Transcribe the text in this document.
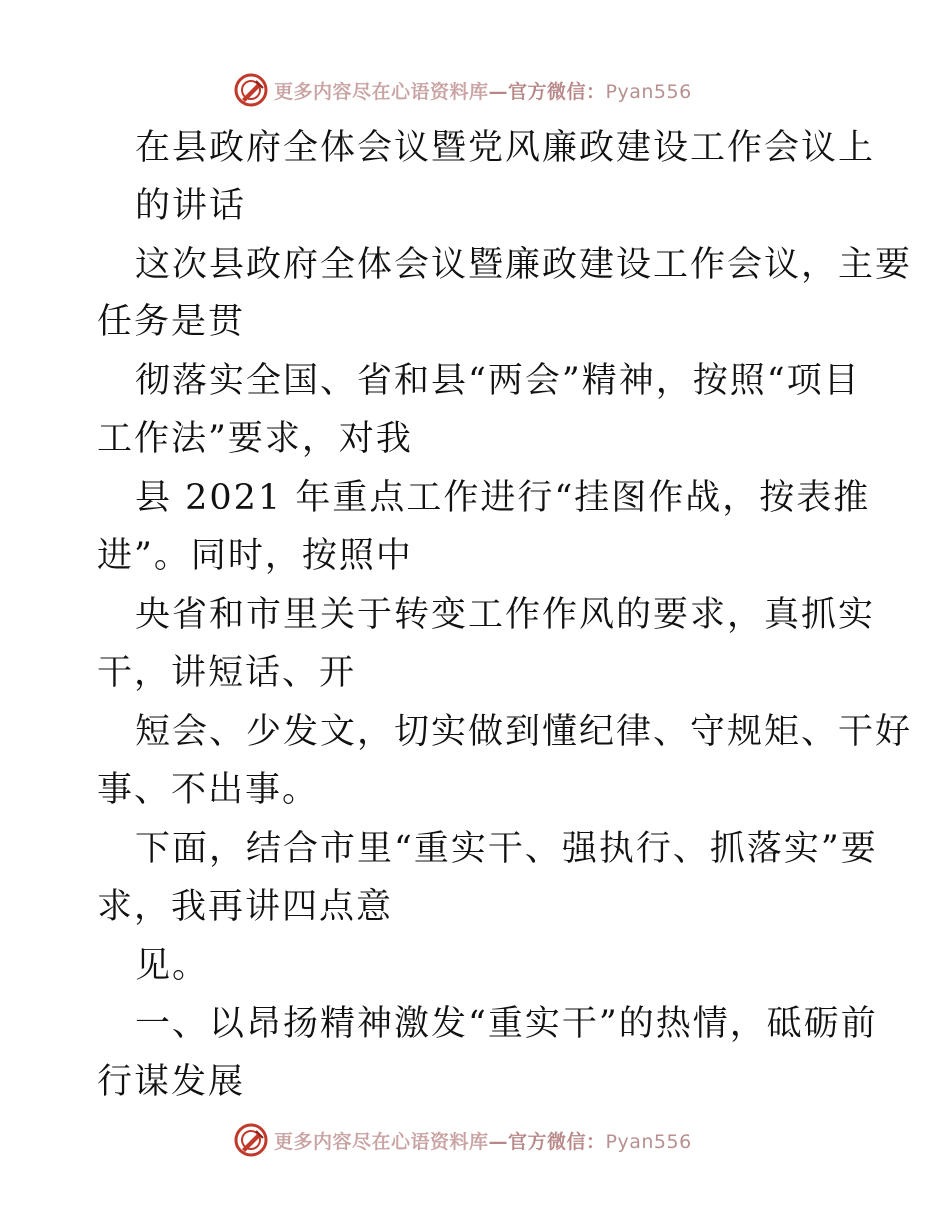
更多内容尽在心语资料库—官方微信：Pyan556

在县政府全体会议暨党风廉政建设工作会议上

的讲话

这次县政府全体会议暨廉政建设工作会议，主要

任务是贯

彻落实全国、省和县“两会”精神，按照“项目

工作法”要求，对我

县 2021 年重点工作进行“挂图作战，按表推

进”。同时，按照中

央省和市里关于转变工作作风的要求，真抓实

干，讲短话、开

短会、少发文，切实做到懂纪律、守规矩、干好

事、不出事。

下面，结合市里“重实干、强执行、抓落实”要

求，我再讲四点意

见。

一、以昂扬精神激发“重实干”的热情，砥砺前

行谋发展

更多内容尽在心语资料库—官方微信：Pyan556
